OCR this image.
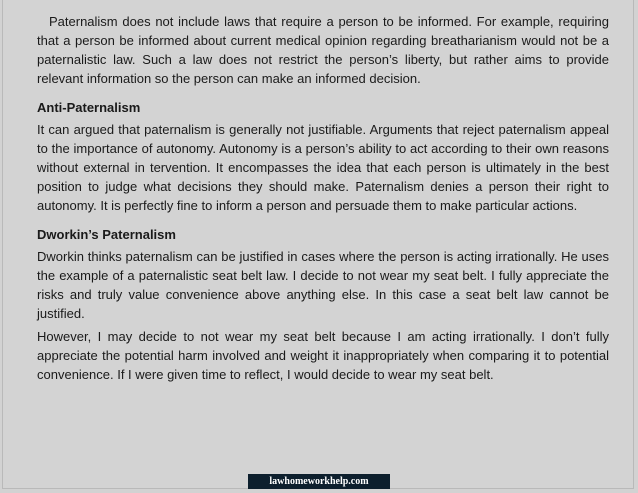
Paternalism does not include laws that require a person to be informed. For example, requiring that a person be informed about current medical opinion regarding breatharianism would not be a paternalistic law. Such a law does not restrict the person’s liberty, but rather aims to provide relevant information so the person can make an informed decision.

Anti-Paternalism

It can argued that paternalism is generally not justifiable. Arguments that reject paternalism appeal to the importance of autonomy. Autonomy is a person’s ability to act according to their own reasons without external in tervention. It encompasses the idea that each person is ultimately in the best position to judge what decisions they should make. Paternalism denies a person their right to autonomy. It is perfectly fine to inform a person and persuade them to make particular actions.

Dworkin’s Paternalism

Dworkin thinks paternalism can be justified in cases where the person is acting irrationally. He uses the example of a paternalistic seat belt law. I decide to not wear my seat belt. I fully appreciate the risks and truly value convenience above anything else. In this case a seat belt law cannot be justified.

However, I may decide to not wear my seat belt because I am acting irrationally. I don’t fully appreciate the potential harm involved and weight it inappropriately when comparing it to potential convenience. If I were given time to reflect, I would decide to wear my seat belt.

lawhomeworkhelp.com
